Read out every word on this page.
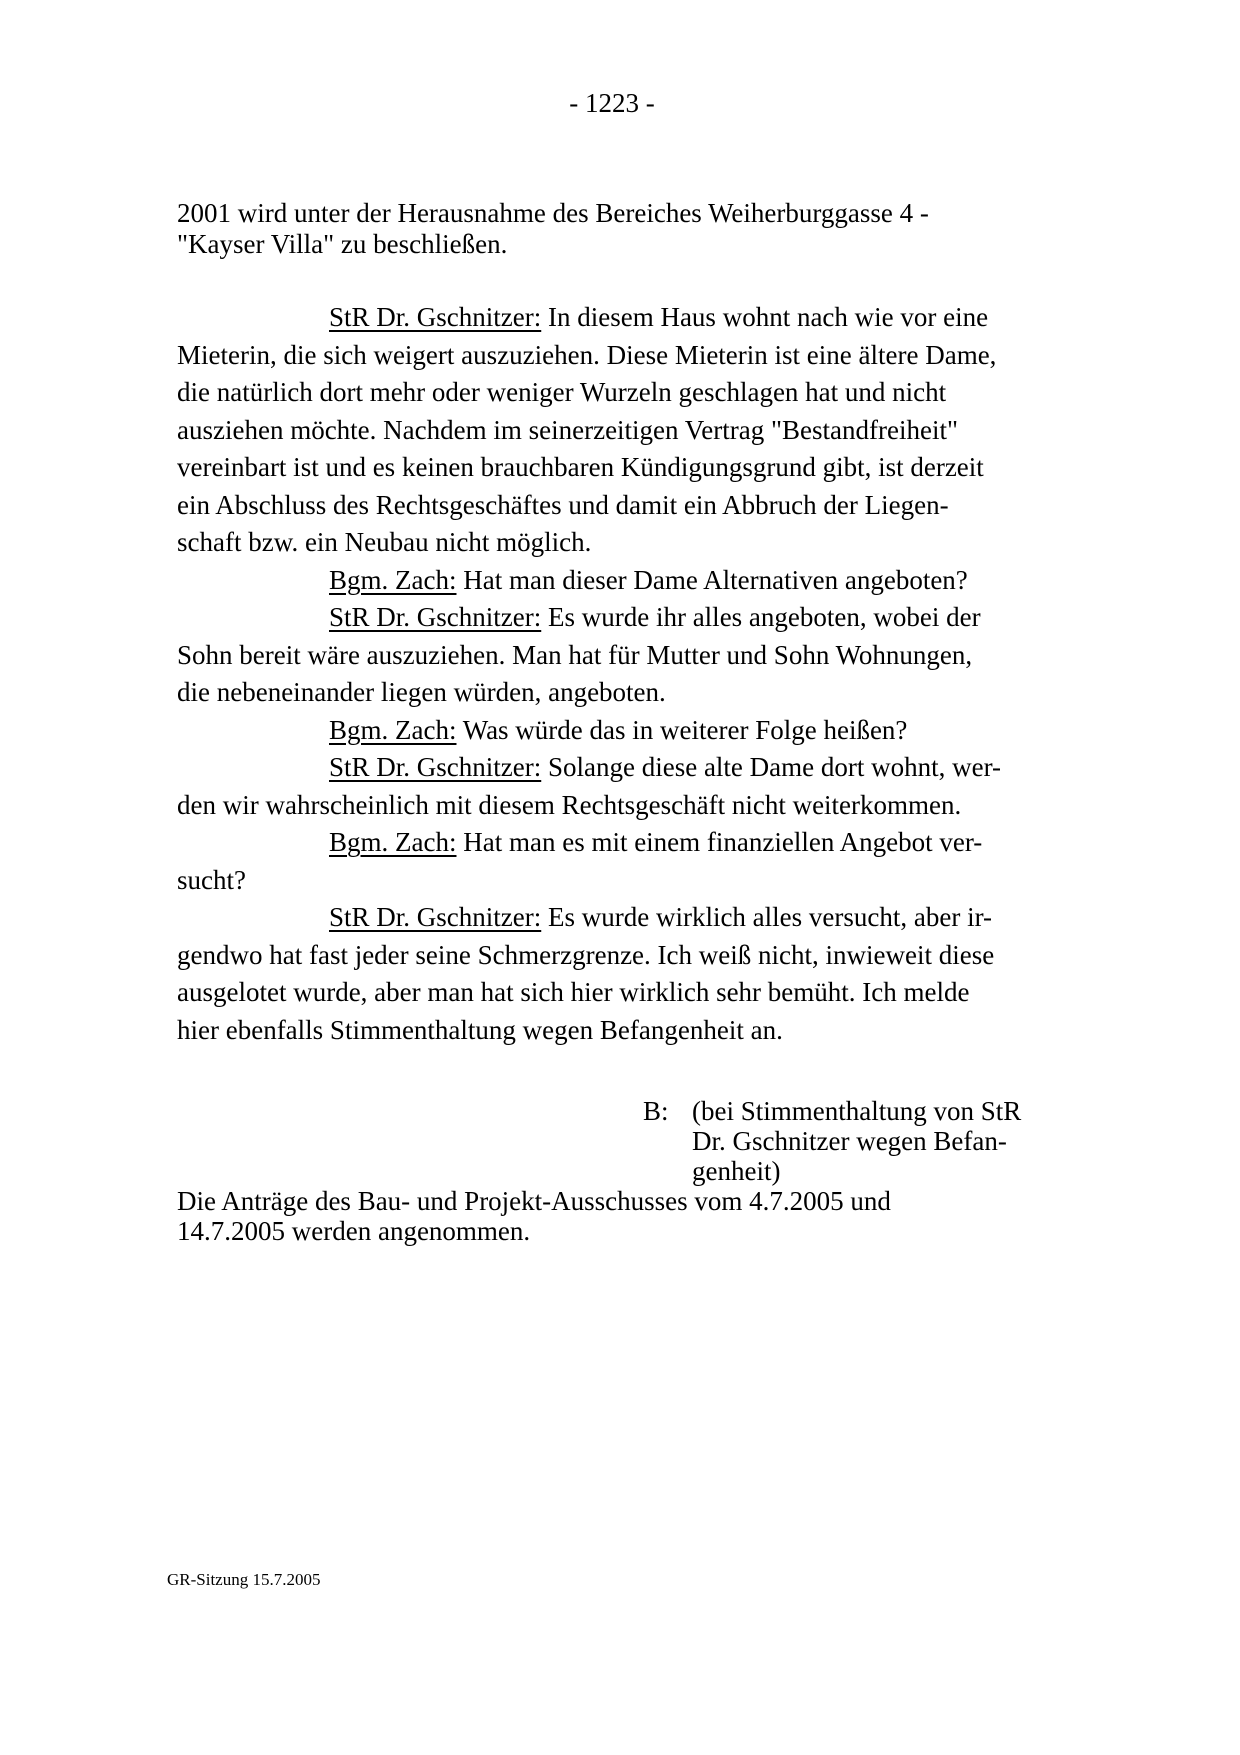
- 1223 -
2001 wird unter der Herausnahme des Bereiches Weiherburggasse 4 -
"Kayser Villa" zu beschließen.
StR Dr. Gschnitzer: In diesem Haus wohnt nach wie vor eine
Mieterin, die sich weigert auszuziehen. Diese Mieterin ist eine ältere Dame,
die natürlich dort mehr oder weniger Wurzeln geschlagen hat und nicht
ausziehen möchte. Nachdem im seinerzeitigen Vertrag "Bestandfreiheit"
vereinbart ist und es keinen brauchbaren Kündigungsgrund gibt, ist derzeit
ein Abschluss des Rechtsgeschäftes und damit ein Abbruch der Liegen-
schaft bzw. ein Neubau nicht möglich.
Bgm. Zach: Hat man dieser Dame Alternativen angeboten?
StR Dr. Gschnitzer: Es wurde ihr alles angeboten, wobei der
Sohn bereit wäre auszuziehen. Man hat für Mutter und Sohn Wohnungen,
die nebeneinander liegen würden, angeboten.
Bgm. Zach: Was würde das in weiterer Folge heißen?
StR Dr. Gschnitzer: Solange diese alte Dame dort wohnt, wer-
den wir wahrscheinlich mit diesem Rechtsgeschäft nicht weiterkommen.
Bgm. Zach: Hat man es mit einem finanziellen Angebot ver-
sucht?
StR Dr. Gschnitzer: Es wurde wirklich alles versucht, aber ir-
gendwo hat fast jeder seine Schmerzgrenze. Ich weiß nicht, inwieweit diese
ausgelotet wurde, aber man hat sich hier wirklich sehr bemüht. Ich melde
hier ebenfalls Stimmenthaltung wegen Befangenheit an.
B: (bei Stimmenthaltung von StR
Dr. Gschnitzer wegen Befan-
genheit)
Die Anträge des Bau- und Projekt-Ausschusses vom 4.7.2005 und
14.7.2005 werden angenommen.
GR-Sitzung 15.7.2005
